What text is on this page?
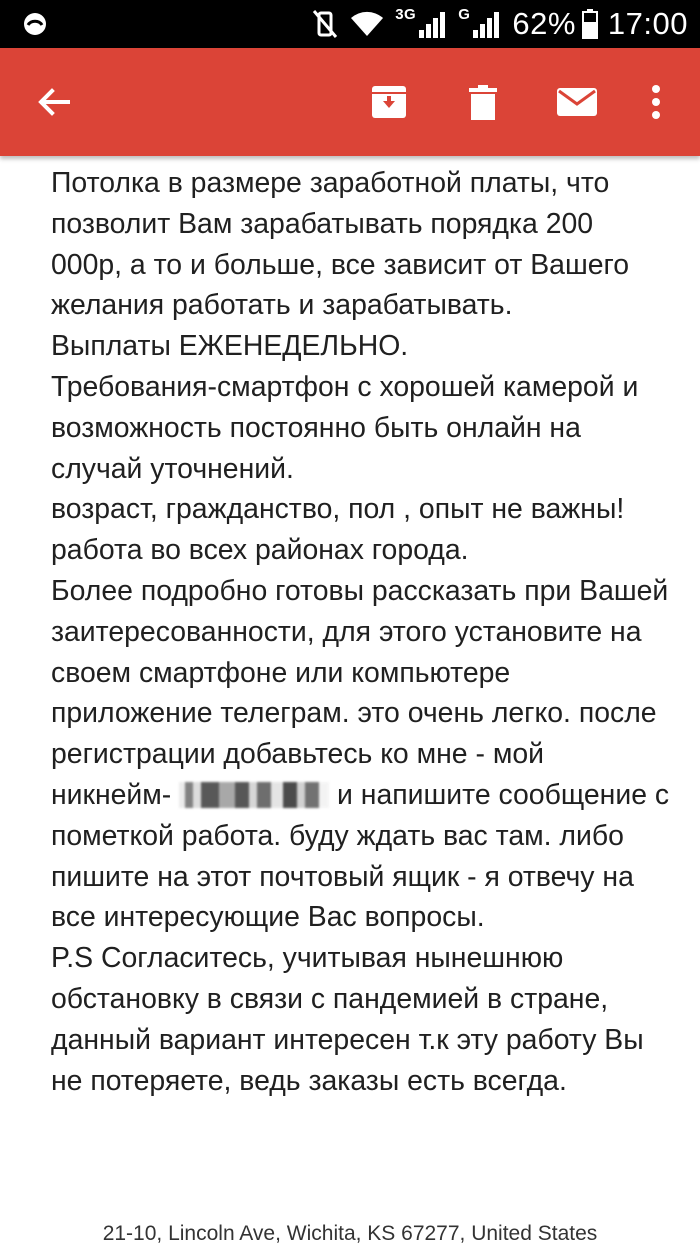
3G	G 62% 17:00

Потолка в размере заработной платы, что позволит Вам зарабатывать порядка 200 000р, а то и больше, все зависит от Вашего желания работать и зарабатывать.

Выплаты ЕЖЕНЕДЕЛЬНО.

Требования-смартфон с хорошей камерой и возможность постоянно быть онлайн на случай уточнений.

возраст, гражданство, пол , опыт не важны! работа во всех районах города.

Более подробно готовы рассказать при Вашей заитересованности, для этого установите на своем смартфоне или компьютере приложение телеграм. это очень легко. после регистрации добавьтесь ко мне - мой никнейм-	и напишите сообщение с пометкой работа. буду ждать вас там. либо пишите на этот почтовый ящик - я отвечу на все интересующие Вас вопросы.

P.S Согласитесь, учитывая нынешнюю обстановку в связи с пандемией в стране, данный вариант интересен т.к эту работу Вы не потеряете, ведь заказы есть всегда.

21-10, Lincoln Ave, Wichita, KS 67277, United States
